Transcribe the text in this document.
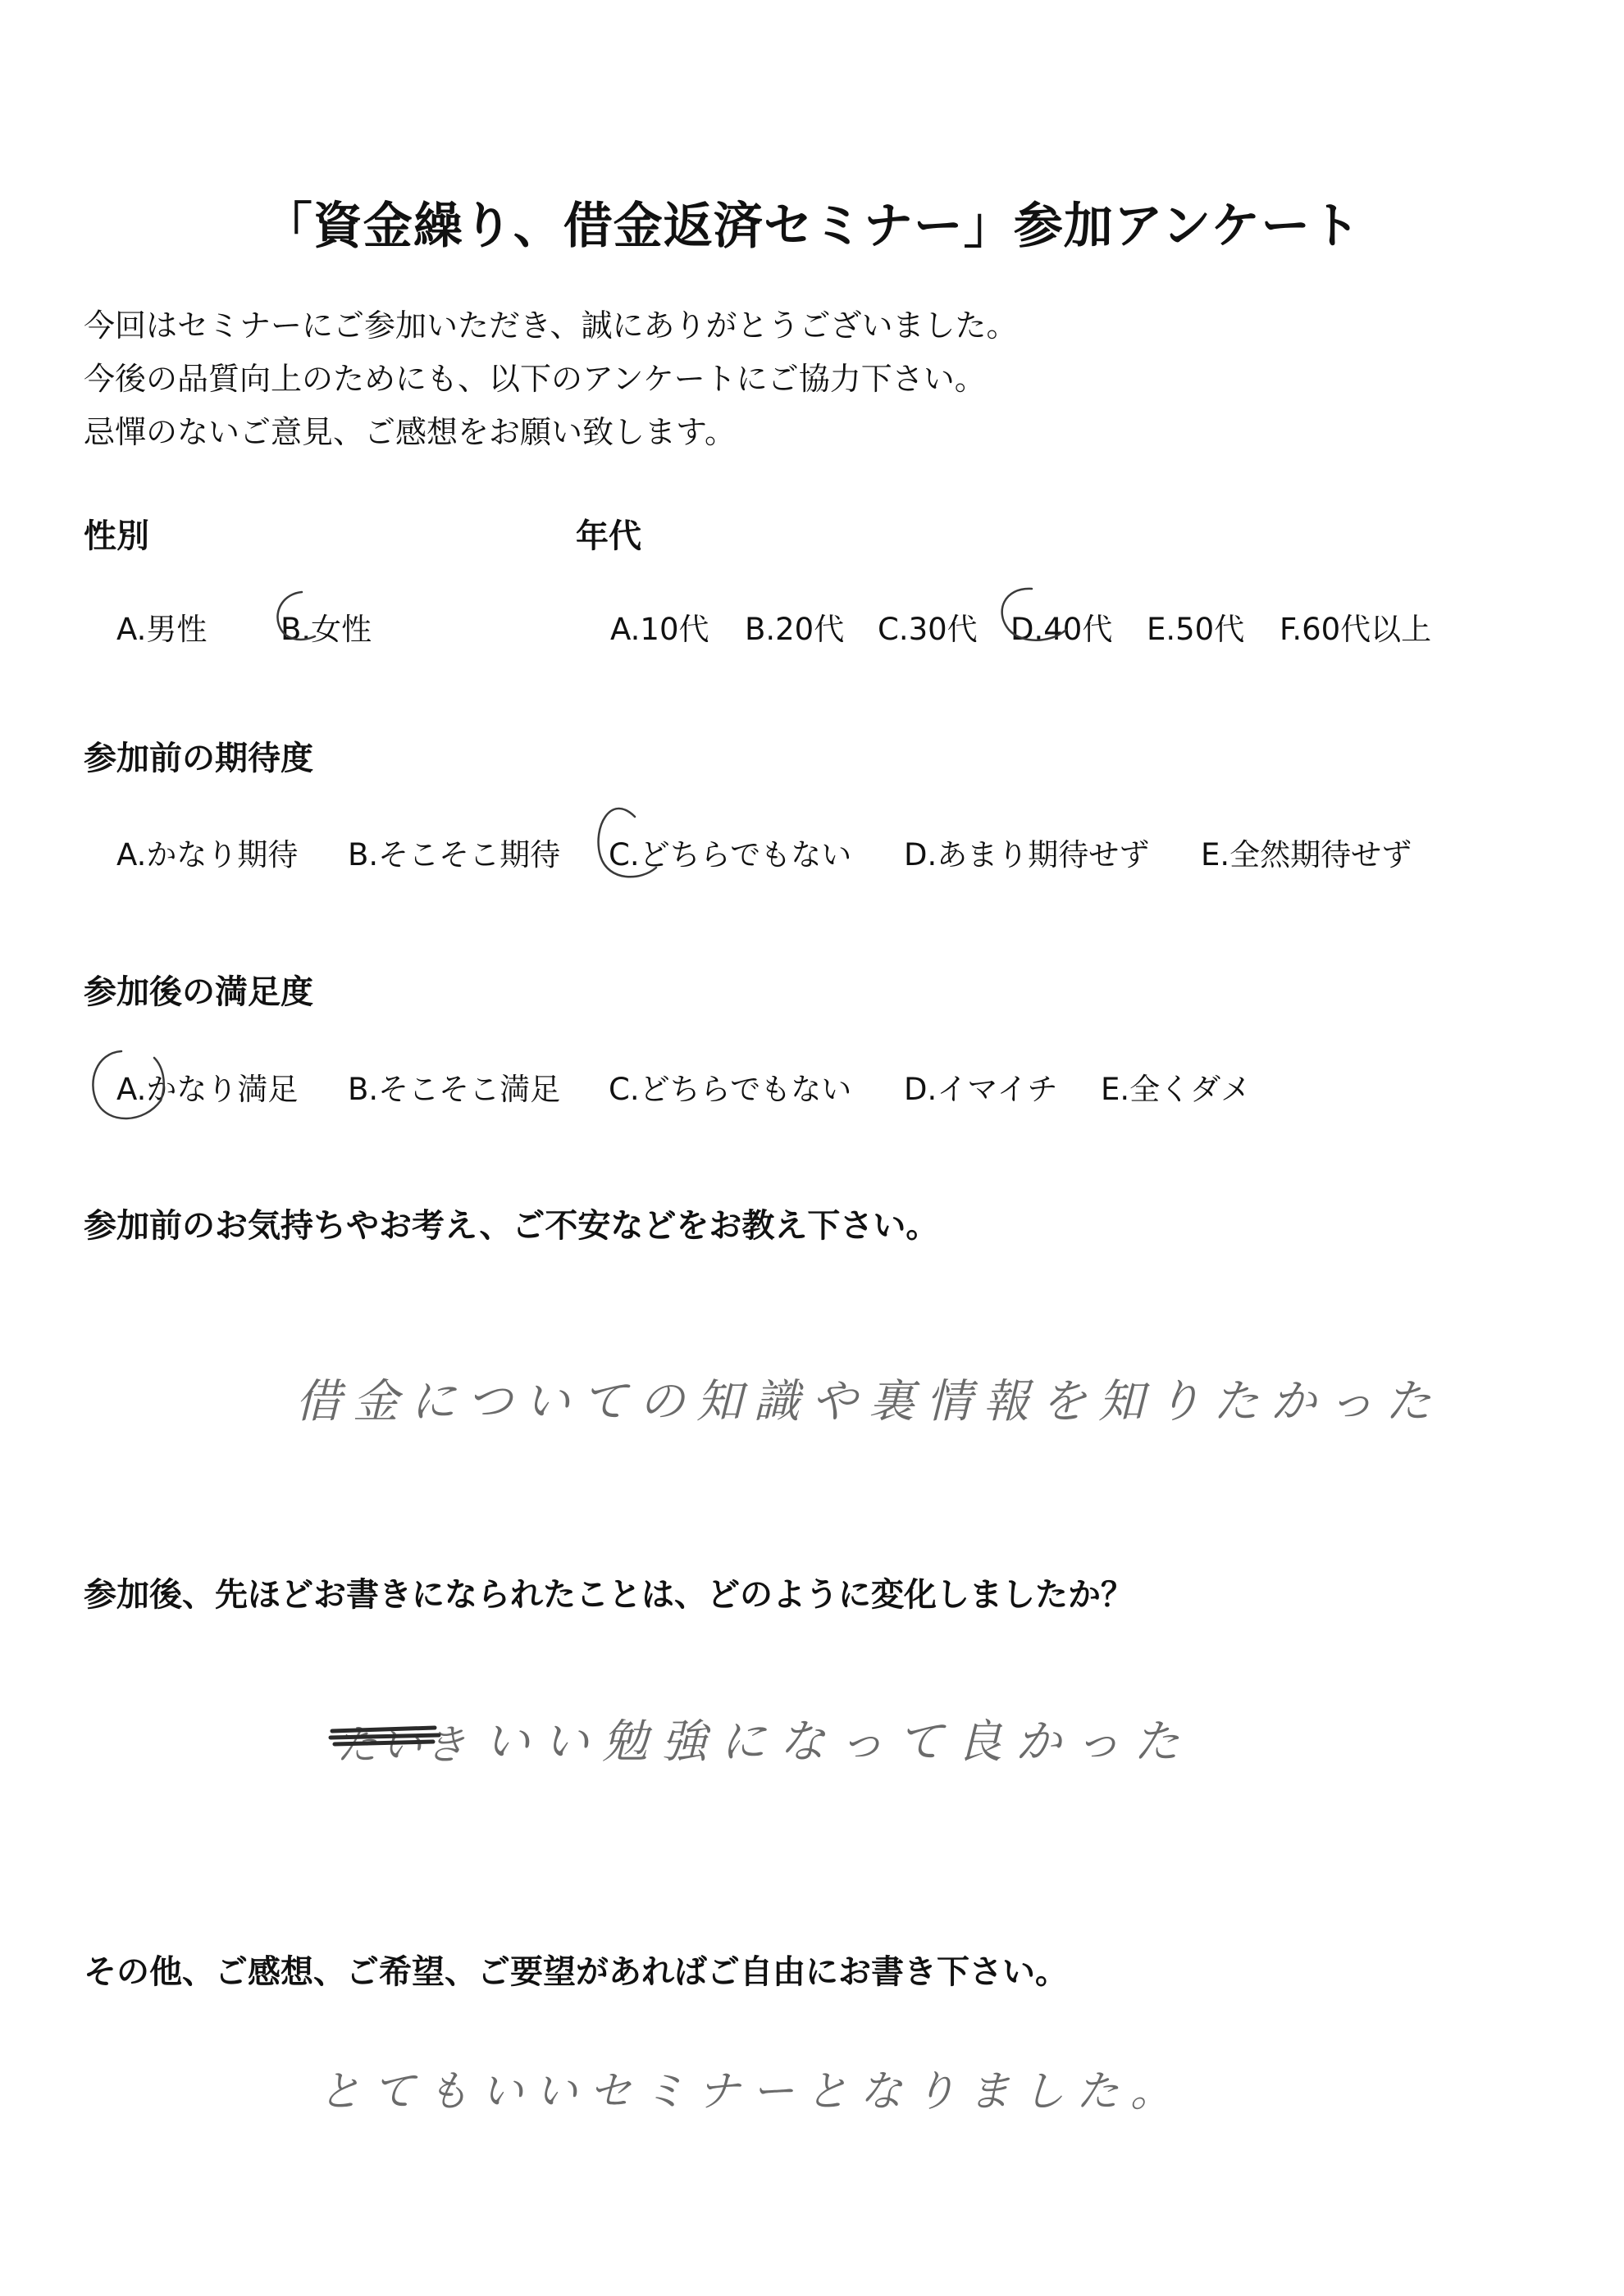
「資金繰り、借金返済セミナー」参加アンケート
今回はセミナーにご参加いただき、誠にありがとうございました。
今後の品質向上のためにも、以下のアンケートにご協力下さい。
忌憚のないご意見、ご感想をお願い致します。
性別
A.男性 B.女性
年代
A.10代 B.20代 C.30代 D.40代 E.50代 F.60代以上
参加前の期待度
A.かなり期待 B.そこそこ期待 C.どちらでもない D.あまり期待せず E.全然期待せず
参加後の満足度
A.かなり満足 B.そこそこ満足 C.どちらでもない D.イマイチ E.全くダメ
参加前のお気持ちやお考え、ご不安などをお教え下さい。
借金についての知識や裏情報を知りたかった
参加後、先ほどお書きになられたことは、どのように変化しましたか？
たいき いい勉強になって良かった
その他、ご感想、ご希望、ご要望があればご自由にお書き下さい。
とてもいいセミナーとなりました。
